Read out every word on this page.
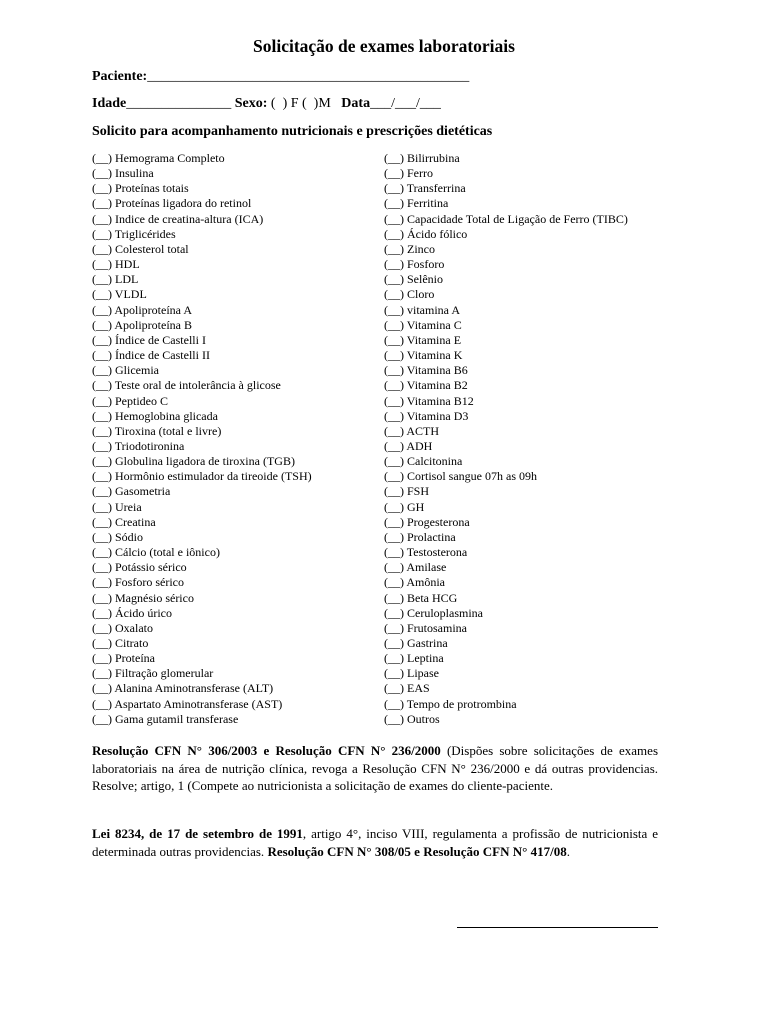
Solicitação de exames laboratoriais
Paciente:______________________________________________
Idade_______________ Sexo: (  ) F (  )M   Data___/___/___
Solicito para acompanhamento nutricionais e prescrições dietéticas
(__) Hemograma Completo
(__) Insulina
(__) Proteínas totais
(__) Proteínas ligadora do retinol
(__) Indice de creatina-altura (ICA)
(__) Triglicérides
(__) Colesterol total
(__) HDL
(__) LDL
(__) VLDL
(__) Apoliproteína A
(__) Apoliproteína B
(__) Índice de Castelli I
(__) Índice de Castelli II
(__) Glicemia
(__) Teste oral de intolerância à glicose
(__) Peptideo C
(__) Hemoglobina glicada
(__) Tiroxina (total e livre)
(__) Triodotironina
(__) Globulina ligadora de tiroxina (TGB)
(__) Hormônio estimulador da tireoide (TSH)
(__) Gasometria
(__) Ureia
(__) Creatina
(__) Sódio
(__) Cálcio (total e iônico)
(__) Potássio sérico
(__) Fosforo sérico
(__) Magnésio sérico
(__) Ácido úrico
(__) Oxalato
(__) Citrato
(__) Proteína
(__) Filtração glomerular
(__) Alanina Aminotransferase (ALT)
(__) Aspartato Aminotransferase (AST)
(__) Gama gutamil transferase
(__) Bilirrubina
(__) Ferro
(__) Transferrina
(__) Ferritina
(__) Capacidade Total de Ligação de Ferro (TIBC)
(__) Ácido fólico
(__) Zinco
(__) Fosforo
(__) Selênio
(__) Cloro
(__) vitamina A
(__) Vitamina C
(__) Vitamina E
(__) Vitamina K
(__) Vitamina B6
(__) Vitamina B2
(__) Vitamina B12
(__) Vitamina D3
(__) ACTH
(__) ADH
(__) Calcitonina
(__) Cortisol sangue 07h as 09h
(__) FSH
(__) GH
(__) Progesterona
(__) Prolactina
(__) Testosterona
(__) Amilase
(__) Amônia
(__) Beta HCG
(__) Ceruloplasmina
(__) Frutosamina
(__) Gastrina
(__) Leptina
(__) Lipase
(__) EAS
(__) Tempo de protrombina
(__) Outros
Resolução CFN N° 306/2003 e Resolução CFN N° 236/2000 (Dispões sobre solicitações de exames laboratoriais na área de nutrição clínica, revoga a Resolução CFN N° 236/2000 e dá outras providencias. Resolve; artigo, 1 (Compete ao nutricionista a solicitação de exames do cliente-paciente.
Lei 8234, de 17 de setembro de 1991, artigo 4°, inciso VIII, regulamenta a profissão de nutricionista e determinada outras providencias. Resolução CFN N° 308/05 e Resolução CFN N° 417/08.
